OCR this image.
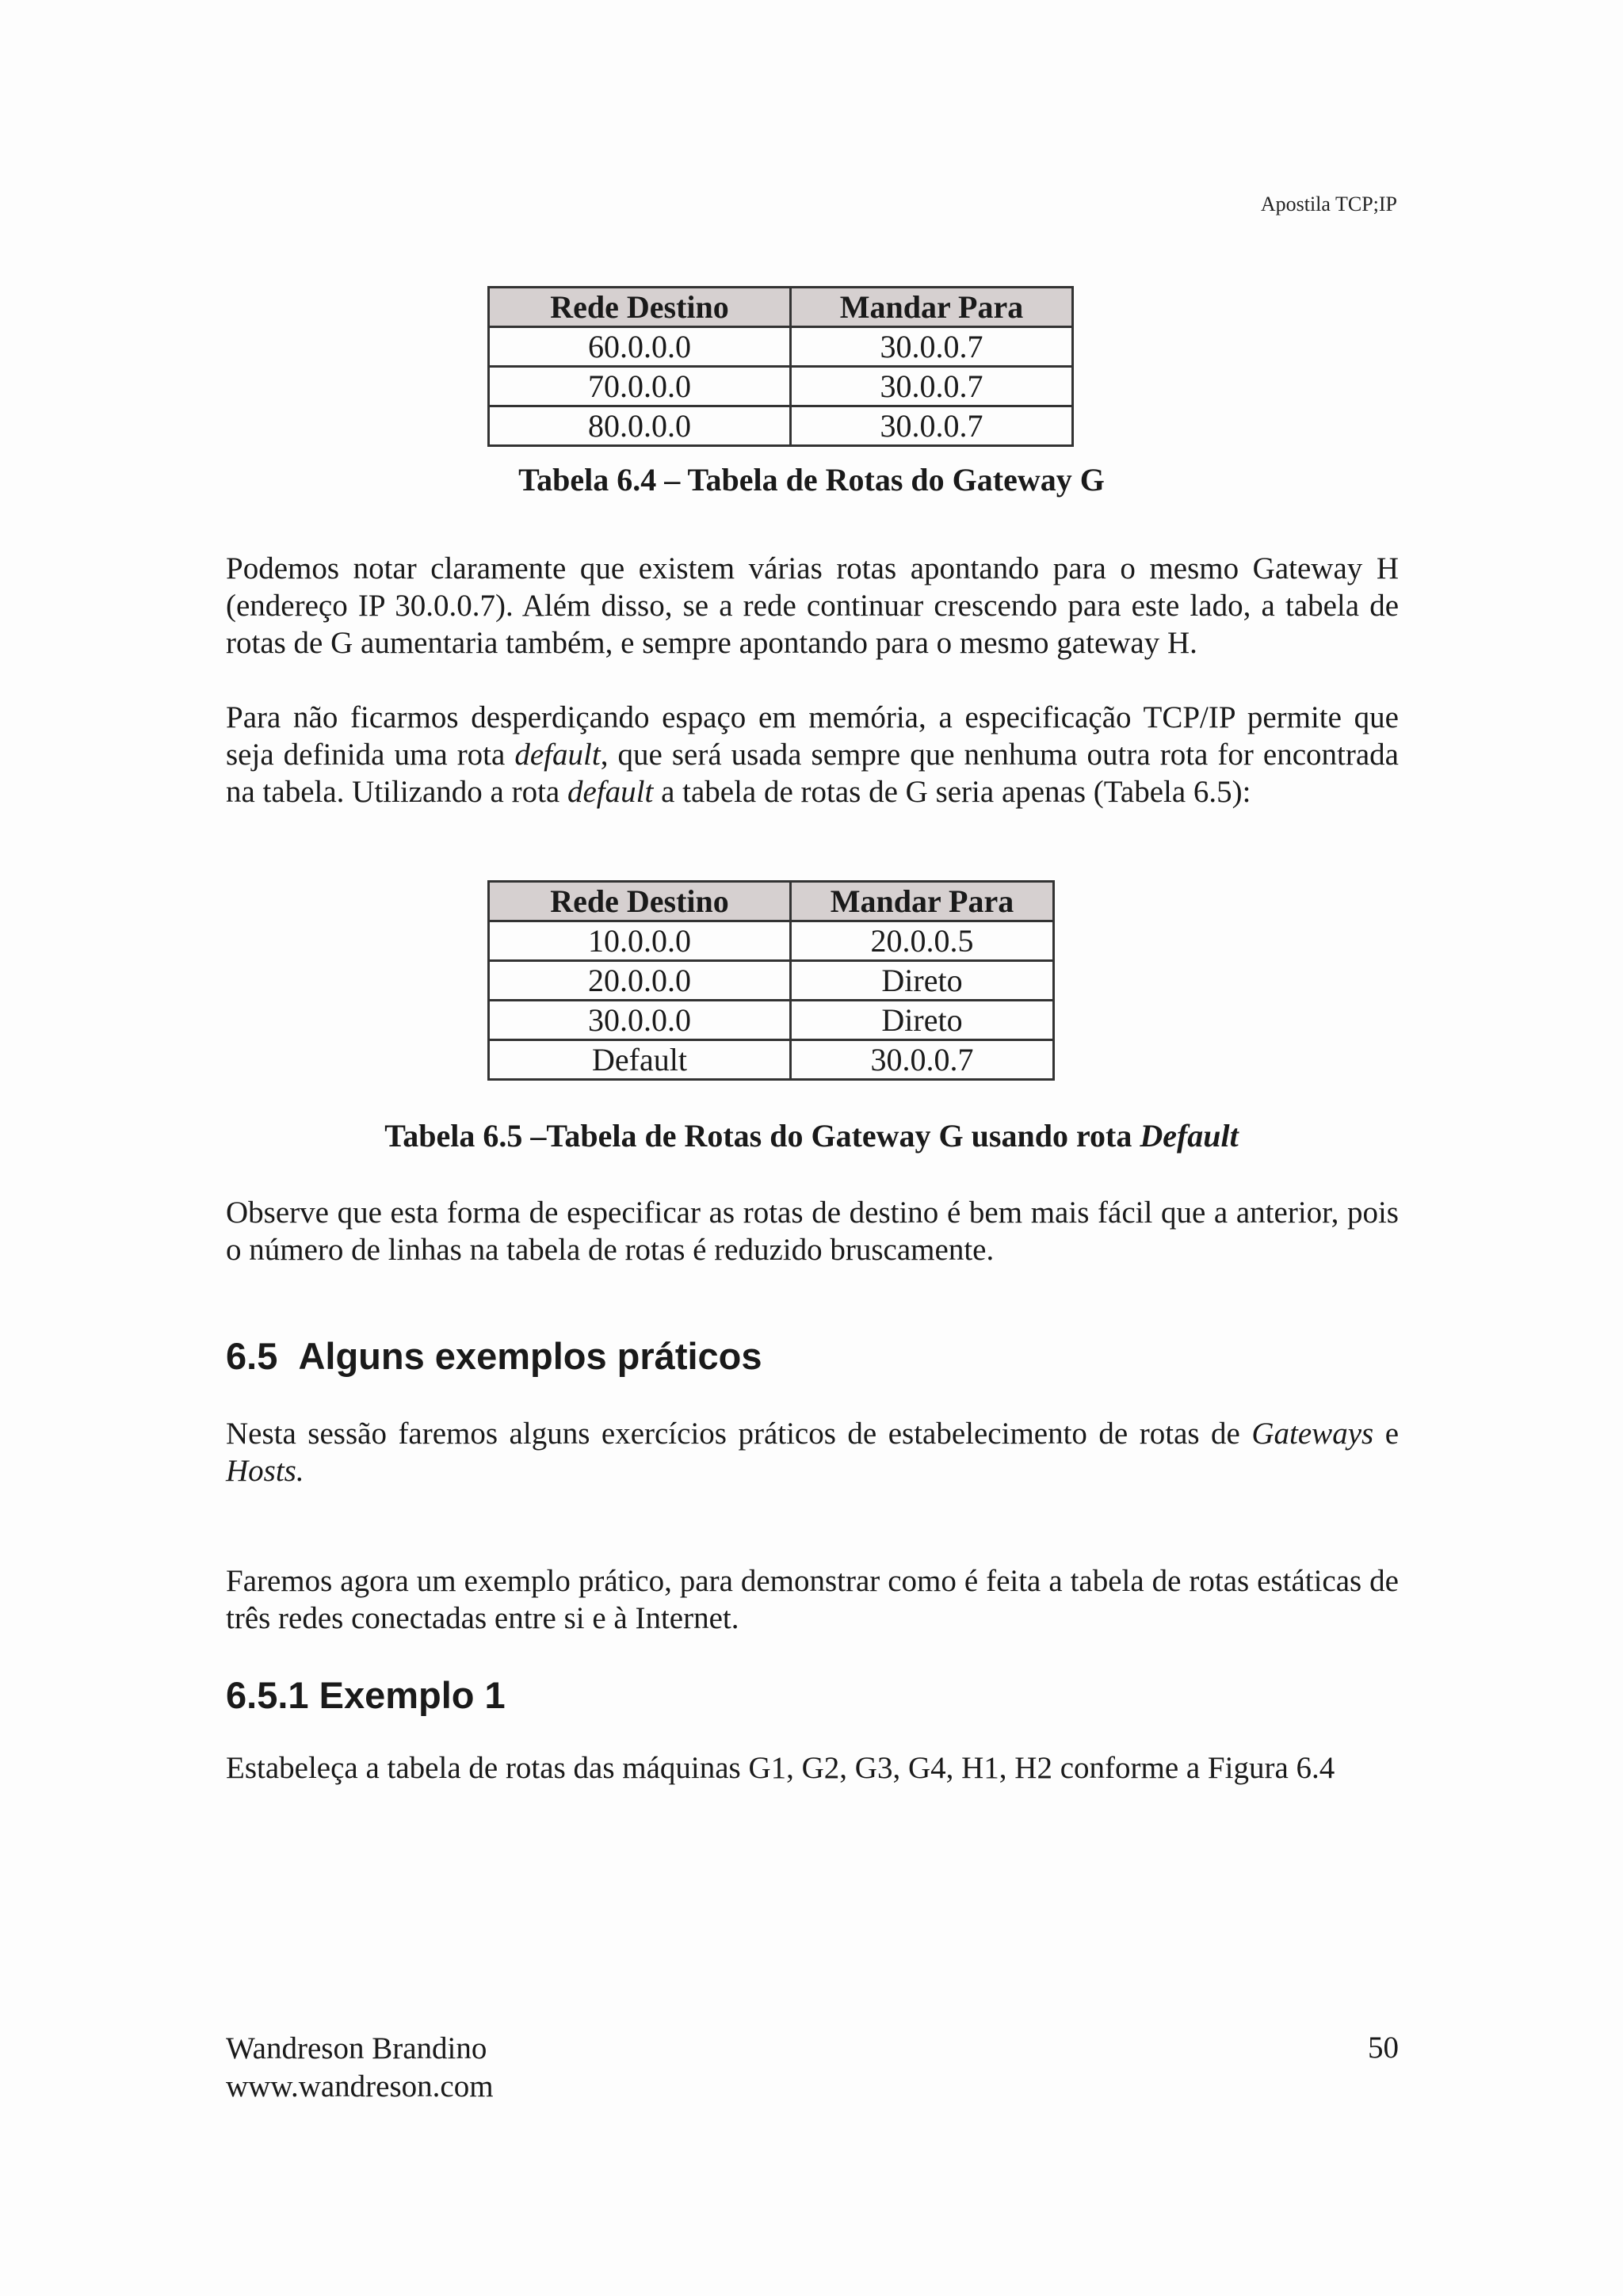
Apostila TCP;IP
Rede Destino	Mandar Para
60.0.0.0	30.0.0.7
70.0.0.0	30.0.0.7
80.0.0.0	30.0.0.7
Tabela 6.4 – Tabela de Rotas do Gateway G

Podemos notar claramente que existem várias rotas apontando para o mesmo Gateway H (endereço IP 30.0.0.7). Além disso, se a rede continuar crescendo para este lado, a tabela de rotas de G aumentaria também, e sempre apontando para o mesmo gateway H.

Para não ficarmos desperdiçando espaço em memória, a especificação TCP/IP permite que seja definida uma rota default, que será usada sempre que nenhuma outra rota for encontrada na tabela. Utilizando a rota default a tabela de rotas de G seria apenas (Tabela 6.5):

Rede Destino	Mandar Para
10.0.0.0	20.0.0.5
20.0.0.0	Direto
30.0.0.0	Direto
Default	30.0.0.7
Tabela 6.5 –Tabela de Rotas do Gateway G usando rota Default

Observe que esta forma de especificar as rotas de destino é bem mais fácil que a anterior, pois o número de linhas na tabela de rotas é reduzido bruscamente.

6.5 Alguns exemplos práticos

Nesta sessão faremos alguns exercícios práticos de estabelecimento de rotas de Gateways e Hosts.

Faremos agora um exemplo prático, para demonstrar como é feita a tabela de rotas estáticas de três redes conectadas entre si e à Internet.

6.5.1 Exemplo 1

Estabeleça a tabela de rotas das máquinas G1, G2, G3, G4, H1, H2 conforme a Figura 6.4

Wandreson Brandino
www.wandreson.com
50
